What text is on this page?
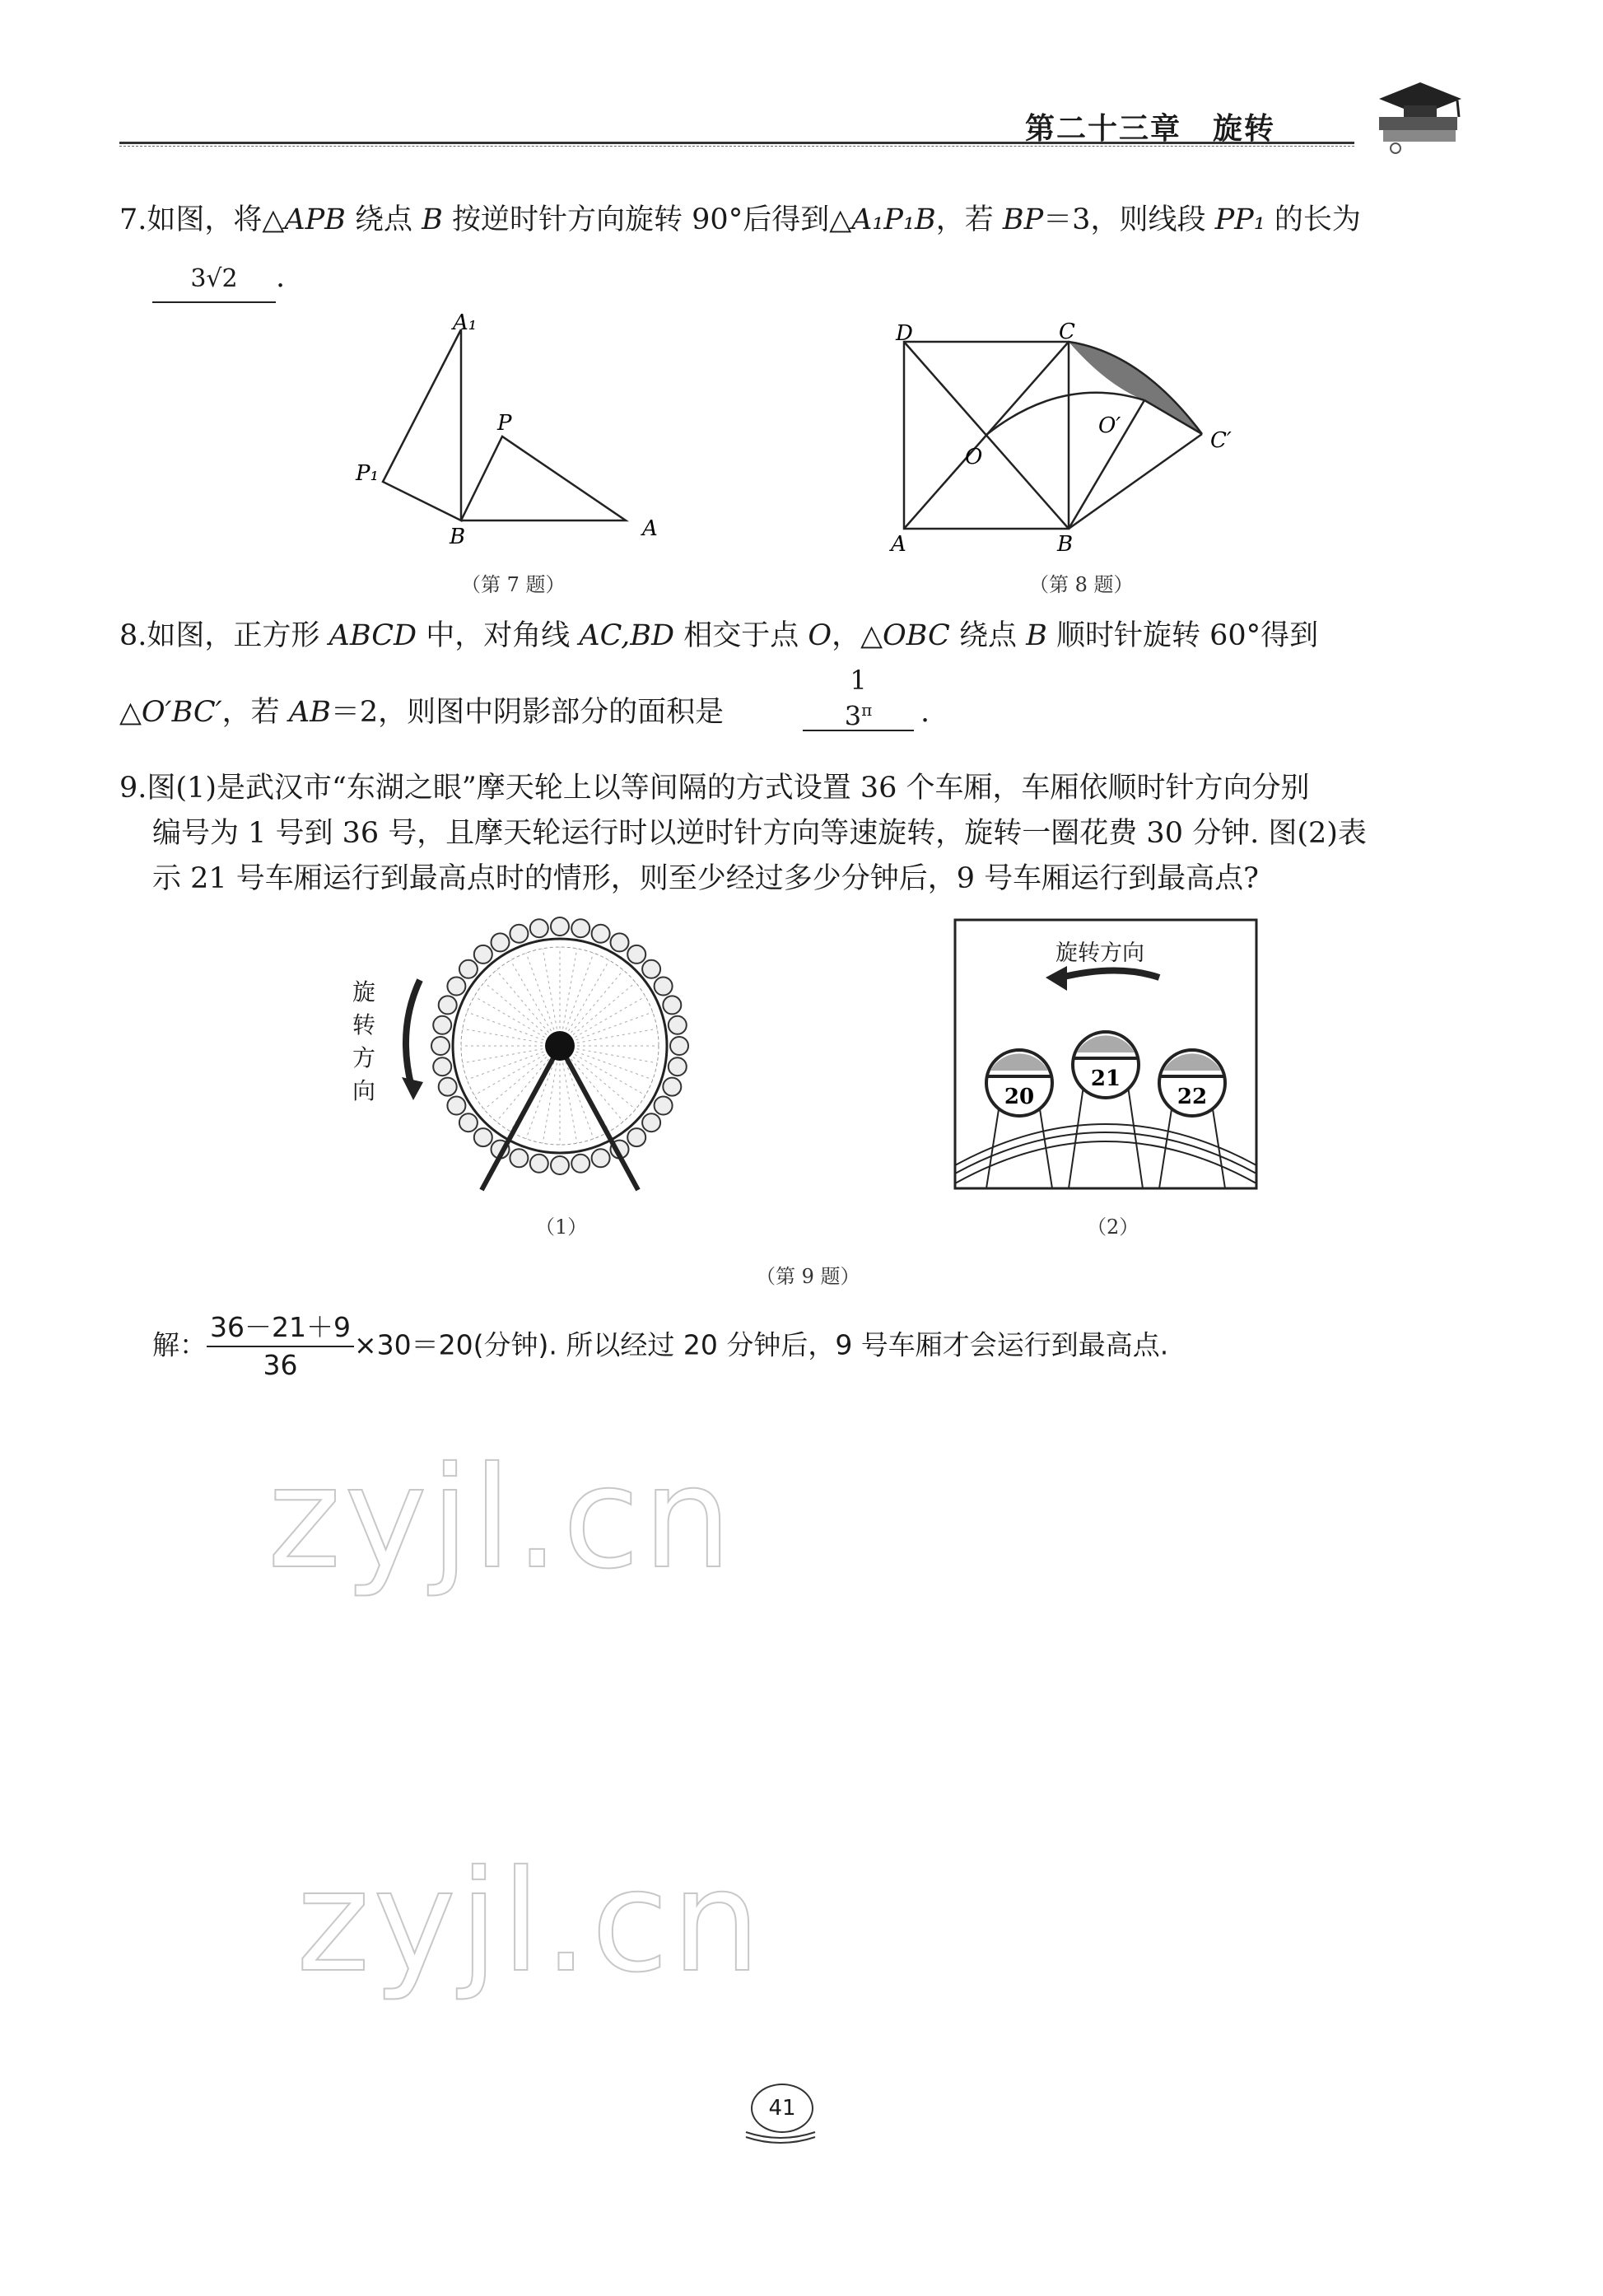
第二十三章　旋转
7.如图，将△APB 绕点 B 按逆时针方向旋转 90°后得到△A₁P₁B，若 BP＝3，则线段 PP₁ 的长为
3√2 .
A₁
P
P₁
B	A
（第 7 题）
D	C
O
O′
C′
A	B
（第 8 题）
8.如图，正方形 ABCD 中，对角线 AC,BD 相交于点 O，△OBC 绕点 B 顺时针旋转 60°得到
△O′BC′，若 AB＝2，则图中阴影部分的面积是
1
$3^\pi$	.
9.图(1)是武汉市“东湖之眼”摩天轮上以等间隔的方式设置 36 个车厢，车厢依顺时针方向分别
编号为 1 号到 36 号，且摩天轮运行时以逆时针方向等速旋转，旋转一圈花费 30 分钟. 图(2)表
示 21 号车厢运行到最高点时的情形，则至少经过多少分钟后，9 号车厢运行到最高点?
旋
转
方
向
（1）
20
21
22
旋转方向
（2）
（第 9 题）
解： $\frac{36-21+9}{36} \times 30=20$(分钟). 所以经过 20 分钟后，9 号车厢才会运行到最高点.
zyjl.cn
zyjl.cn
41
